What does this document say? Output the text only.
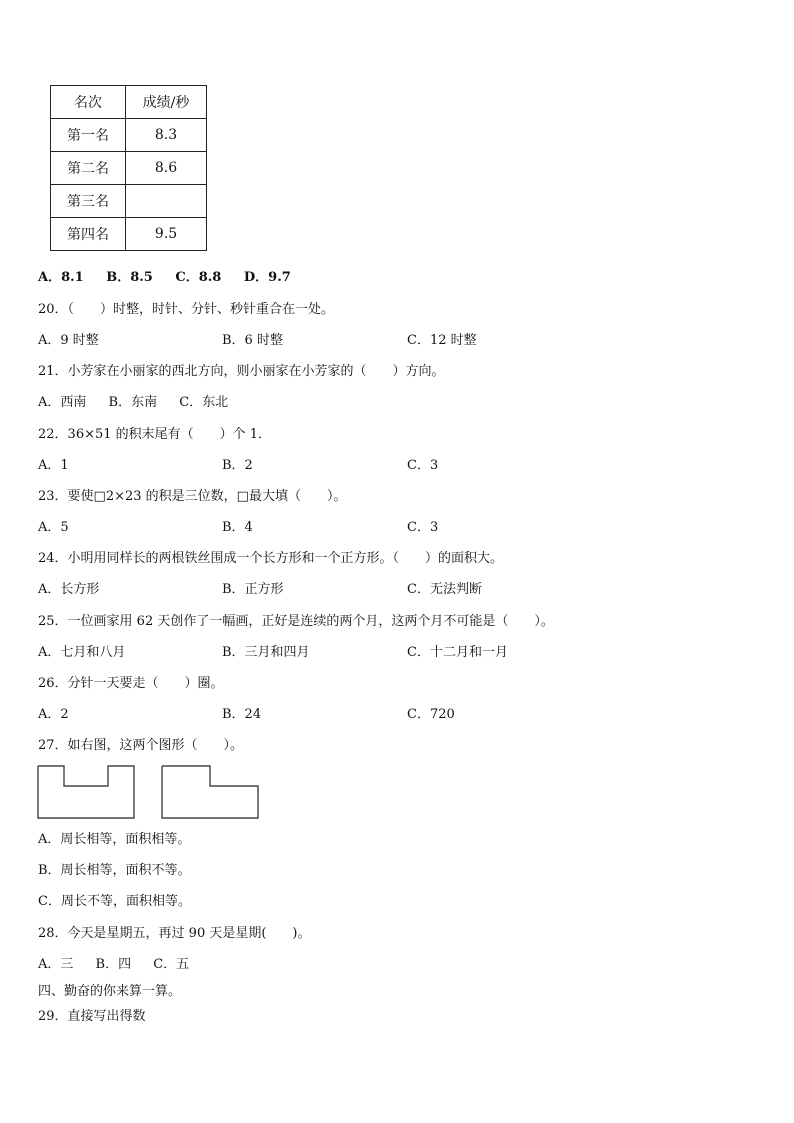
名次	成绩/秒
第一名	8.3
第二名	8.6
第三名	
第四名	9.5
A．8.1 B．8.5 C．8.8 D．9.7
20．（　　）时整，时针、分针、秒针重合在一处。
A．9 时整	B．6 时整	C．12 时整
21．小芳家在小丽家的西北方向，则小丽家在小芳家的（　　）方向。
A．西南 B．东南 C．东北
22．36×51 的积末尾有（　　）个 1．
A．1	B．2	C．3
23．要使□2×23 的积是三位数，□最大填（　　）。
A．5	B．4	C．3
24．小明用同样长的两根铁丝围成一个长方形和一个正方形。（　　）的面积大。
A．长方形	B．正方形	C．无法判断
25．一位画家用 62 天创作了一幅画，正好是连续的两个月，这两个月不可能是（　　）。
A．七月和八月	B．三月和四月	C．十二月和一月
26．分针一天要走（　　）圈。
A．2	B．24	C．720
27．如右图，这两个图形（　　）。
A．周长相等，面积相等。
B．周长相等，面积不等。
C．周长不等，面积相等。
28．今天是星期五，再过 90 天是星期(　　)。
A．三 B．四 C．五
四、勤奋的你来算一算。
29．直接写出得数
